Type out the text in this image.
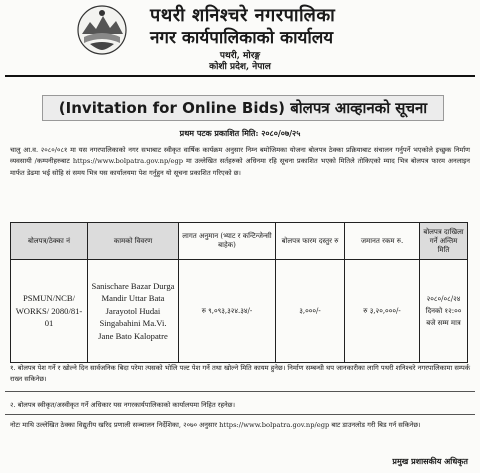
पथरी शनिश्चरे नगरपालिका
नगर कार्यपालिकाको कार्यालय
पथरी, मोरङ्ग
कोशी प्रदेश, नेपाल
(Invitation for Online Bids) बोलपत्र आव्हानको सूचना
प्रथम पटक प्रकाशित मिति: २०८०/०७/२५
चालु आ.व. २०८०/०८१ मा यस नगरपालिकाको नगर सभाबाट स्वीकृत वार्षिक कार्यक्रम अनुसार निम्न बमोजिमका योजना बोलपत्र ठेक्का प्रक्रियाबाट संचालन गर्नुपर्ने भएकोले इच्छुक निर्माण व्यवसायी /कम्पनीहरुबाट https://www.bolpatra.gov.np/egp मा उल्लेखित सर्तहरुको अधिनमा रहि सूचना प्रकाशित भएको मितिले तोकिएको म्याद भित्र बोलपत्र फारम अनलाइन मार्फत डेढमा भई सोहि सं समय भित्र यस कार्यालयमा पेश गर्नुहुन यो सूचना प्रकाशित गरिएको छ।
बोलपत्र/ठेक्का नं	कामको विवरण	लागत अनुमान (भ्याट र कन्टिन्जेन्सी बाहेक)	बोलपत्र फारम दस्तुर रु	जमानत रकम रु.	बोलपत्र दाखिला गर्ने अन्तिम मिति
PSMUN/NCB/ WORKS/ 2080/81-01	Sanischare Bazar Durga Mandir Uttar Bata Jarayotol Hudai Singabahini Ma.Vi. Jane Bato Kalopatre	रु ९,०९३,३२४.३४/-	३,०००/-	रु ३,२०,०००/-	२०८०/०८/२४ दिनको १२:०० बजे सम्म मात्र
१. बोलपत्र पेश गर्ने र खोल्ने दिन सार्वजनिक बिदा परेमा त्यसको भोलि पल्ट पेश गर्ने तथा खोल्ने मिति कायम हुनेछ। निर्माण सम्बन्धी थप जानकारीका लागि पथरी शनिश्चरे नगरपालिकामा सम्पर्क राख्न सकिनेछ।
२. बोलपत्र स्वीकृत/अस्वीकृत गर्ने अधिकार यस नगरकार्यपालिकाको कार्यालयमा निहित रहनेछ।
नोटः माथि उल्लेखित ठेक्का विद्युतीय खरिद प्रणाली सञ्चालन निर्देशिका, २०७० अनुसार https://www.bolpatra.gov.np/egp बाट डाउनलोड गरी बिड गर्न सकिनेछ।
प्रमुख प्रशासकीय अधिकृत
